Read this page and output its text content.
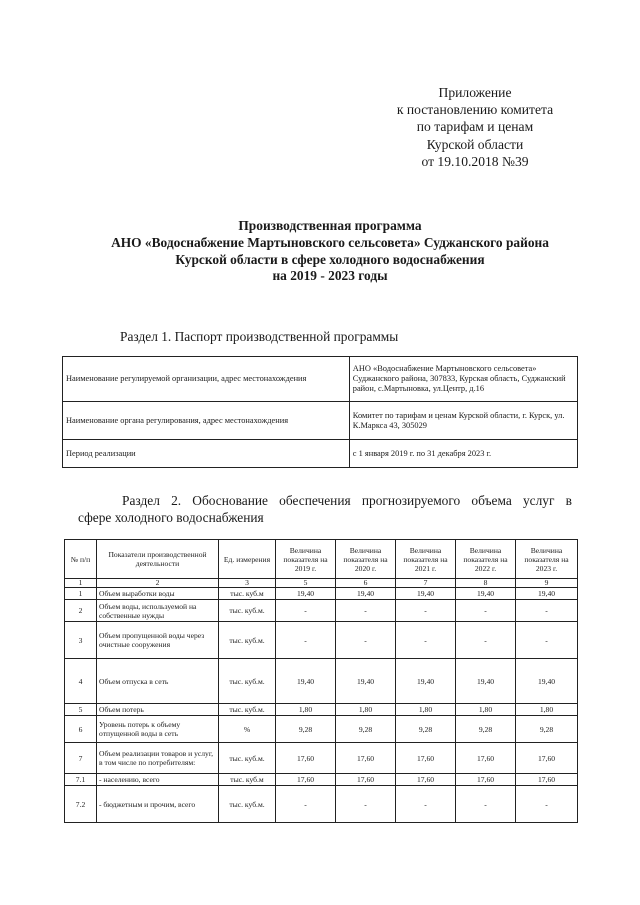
Приложение
к постановлению комитета
по тарифам и ценам
Курской области
от 19.10.2018 №39
Производственная программа
АНО «Водоснабжение Мартыновского сельсовета» Суджанского района
Курской области в сфере холодного водоснабжения
на 2019 - 2023 годы
Раздел 1. Паспорт производственной программы
Наименование регулируемой организации, адрес местонахождения	АНО «Водоснабжение Мартыновского сельсовета» Суджанского района, 307833, Курская область, Суджанский район, с.Мартыновка, ул.Центр, д.16
Наименование органа регулирования, адрес местонахождения	Комитет по тарифам и ценам Курской области, г. Курск, ул. К.Маркса 43, 305029
Период реализации	с 1 января 2019 г. по 31 декабря 2023 г.
Раздел 2. Обоснование обеспечения прогнозируемого объема услуг в
сфере холодного водоснабжения
№ п/п	Показатели производственной деятельности	Ед. измерения	Величина показателя на 2019 г.	Величина показателя на 2020 г.	Величина показателя на 2021 г.	Величина показателя на 2022 г.	Величина показателя на 2023 г.
1	2	3	5	6	7	8	9
1	Объем выработки воды	тыс. куб.м	19,40	19,40	19,40	19,40	19,40
2	Объем воды, используемой на собственные нужды	тыс. куб.м.	-	-	-	-	-
3	Объем пропущенной воды через очистные сооружения	тыс. куб.м.	-	-	-	-	-
4	Объем отпуска в сеть	тыс. куб.м.	19,40	19,40	19,40	19,40	19,40
5	Объем потерь	тыс. куб.м.	1,80	1,80	1,80	1,80	1,80
6	Уровень потерь к объему отпущенной воды в сеть	%	9,28	9,28	9,28	9,28	9,28
7	Объем реализации товаров и услуг, в том числе по потребителям:	тыс. куб.м.	17,60	17,60	17,60	17,60	17,60
7.1	- населению, всего	тыс. куб.м	17,60	17,60	17,60	17,60	17,60
7.2	- бюджетным и прочим, всего	тыс. куб.м.	-	-	-	-	-
